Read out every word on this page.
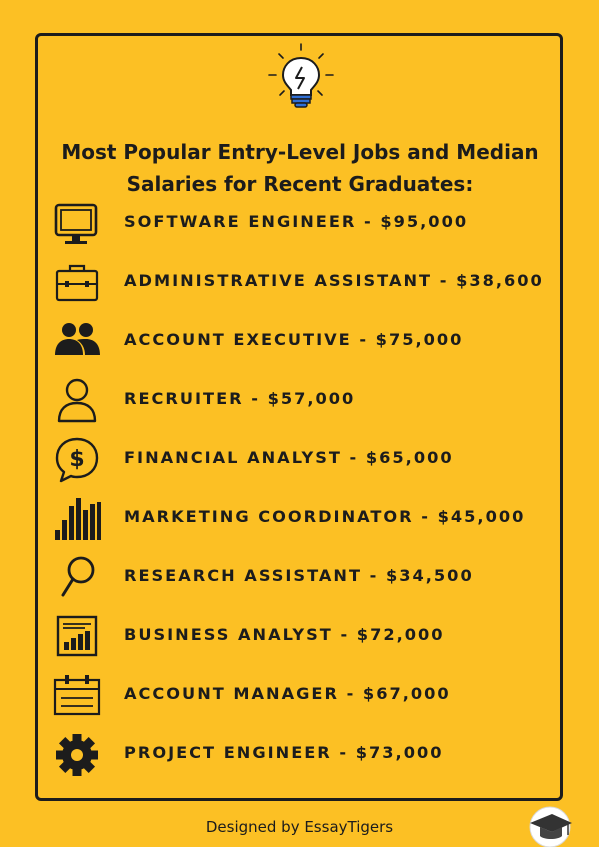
Most Popular Entry-Level Jobs and Median
Salaries for Recent Graduates:

SOFTWARE ENGINEER - $95,000
ADMINISTRATIVE ASSISTANT - $38,600
ACCOUNT EXECUTIVE - $75,000
RECRUITER - $57,000
$ FINANCIAL ANALYST - $65,000
MARKETING COORDINATOR - $45,000
RESEARCH ASSISTANT - $34,500
BUSINESS ANALYST - $72,000
ACCOUNT MANAGER - $67,000
PROJECT ENGINEER - $73,000
Designed by EssayTigers
